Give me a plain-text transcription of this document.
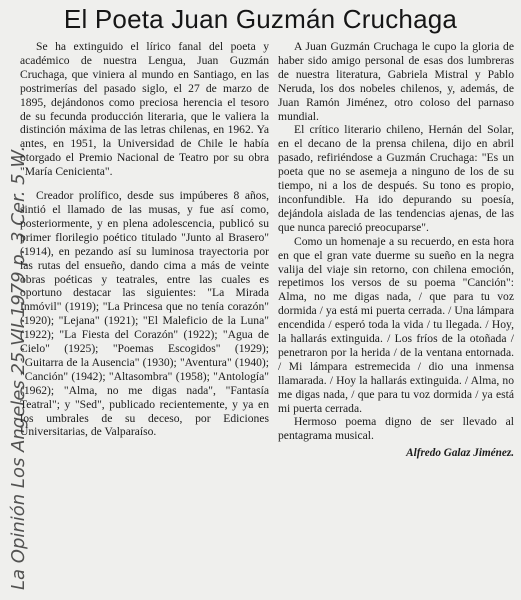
El Poeta Juan Guzmán Cruchaga

Se ha extinguido el lírico fanal del poeta y académico de nuestra Lengua, Juan Guzmán Cruchaga, que viniera al mundo en Santiago, en las postrimerías del pasado siglo, el 27 de marzo de 1895, dejándonos como preciosa herencia el tesoro de su fecunda producción literaria, que le valiera la distinción máxima de las letras chilenas, en 1962. Ya antes, en 1951, la Universidad de Chile le había otorgado el Premio Nacional de Teatro por su obra "María Cenicienta".

Creador prolífico, desde sus impúberes 8 años, sintió el llamado de las musas, y fue así como, posteriormente, y en plena adolescencia, publicó su primer florilegio poético titulado "Junto al Brasero" (1914), en pezando así su luminosa trayectoria por las rutas del ensueño, dando cima a más de veinte obras poéticas y teatrales, entre las cuales es oportuno destacar las siguientes: "La Mirada Inmóvil" (1919); "La Princesa que no tenía corazón" (1920); "Lejana" (1921); "El Maleficio de la Luna" (1922); "La Fiesta del Corazón" (1922); "Agua de Cielo" (1925); "Poemas Escogidos" (1929); "Guitarra de la Ausencia" (1930); "Aventura" (1940); "Canción" (1942); "Altasombra" (1958); "Antología" (1962); "Alma, no me digas nada", "Fantasía Teatral"; y "Sed", publicado recientemente, y ya en los umbrales de su deceso, por Ediciones Universitarias, de Valparaíso.

A Juan Guzmán Cruchaga le cupo la gloria de haber sido amigo personal de esas dos lumbreras de nuestra literatura, Gabriela Mistral y Pablo Neruda, los dos nobeles chilenos, y, además, de Juan Ramón Jiménez, otro coloso del parnaso mundial.

El crítico literario chileno, Hernán del Solar, en el decano de la prensa chilena, dijo en abril pasado, refiriéndose a Guzmán Cruchaga: "Es un poeta que no se asemeja a ninguno de los de su tiempo, ni a los de después. Su tono es propio, inconfundible. Ha ido depurando su poesía, dejándola aislada de las tendencias ajenas, de las que nunca pareció preocuparse".

Como un homenaje a su recuerdo, en esta hora en que el gran vate duerme su sueño en la negra valija del viaje sin retorno, con chilena emoción, repetimos los versos de su poema "Canción": Alma, no me digas nada, / que para tu voz dormida / ya está mi puerta cerrada. / Una lámpara encendida / esperó toda la vida / tu llegada. / Hoy, la hallarás extinguida. / Los fríos de la otoñada / penetraron por la herida / de la ventana entornada. / Mi lámpara estremecida / dio una inmensa llamarada. / Hoy la hallarás extinguida. / Alma, no me digas nada, / que para tu voz dormida / ya está mi puerta cerrada.

Hermoso poema digno de ser llevado al pentagrama musical.

Alfredo Galaz Jiménez.
La Opinión Los Angeles 25.VII.1979 p. 3 Cer. 5 W.
